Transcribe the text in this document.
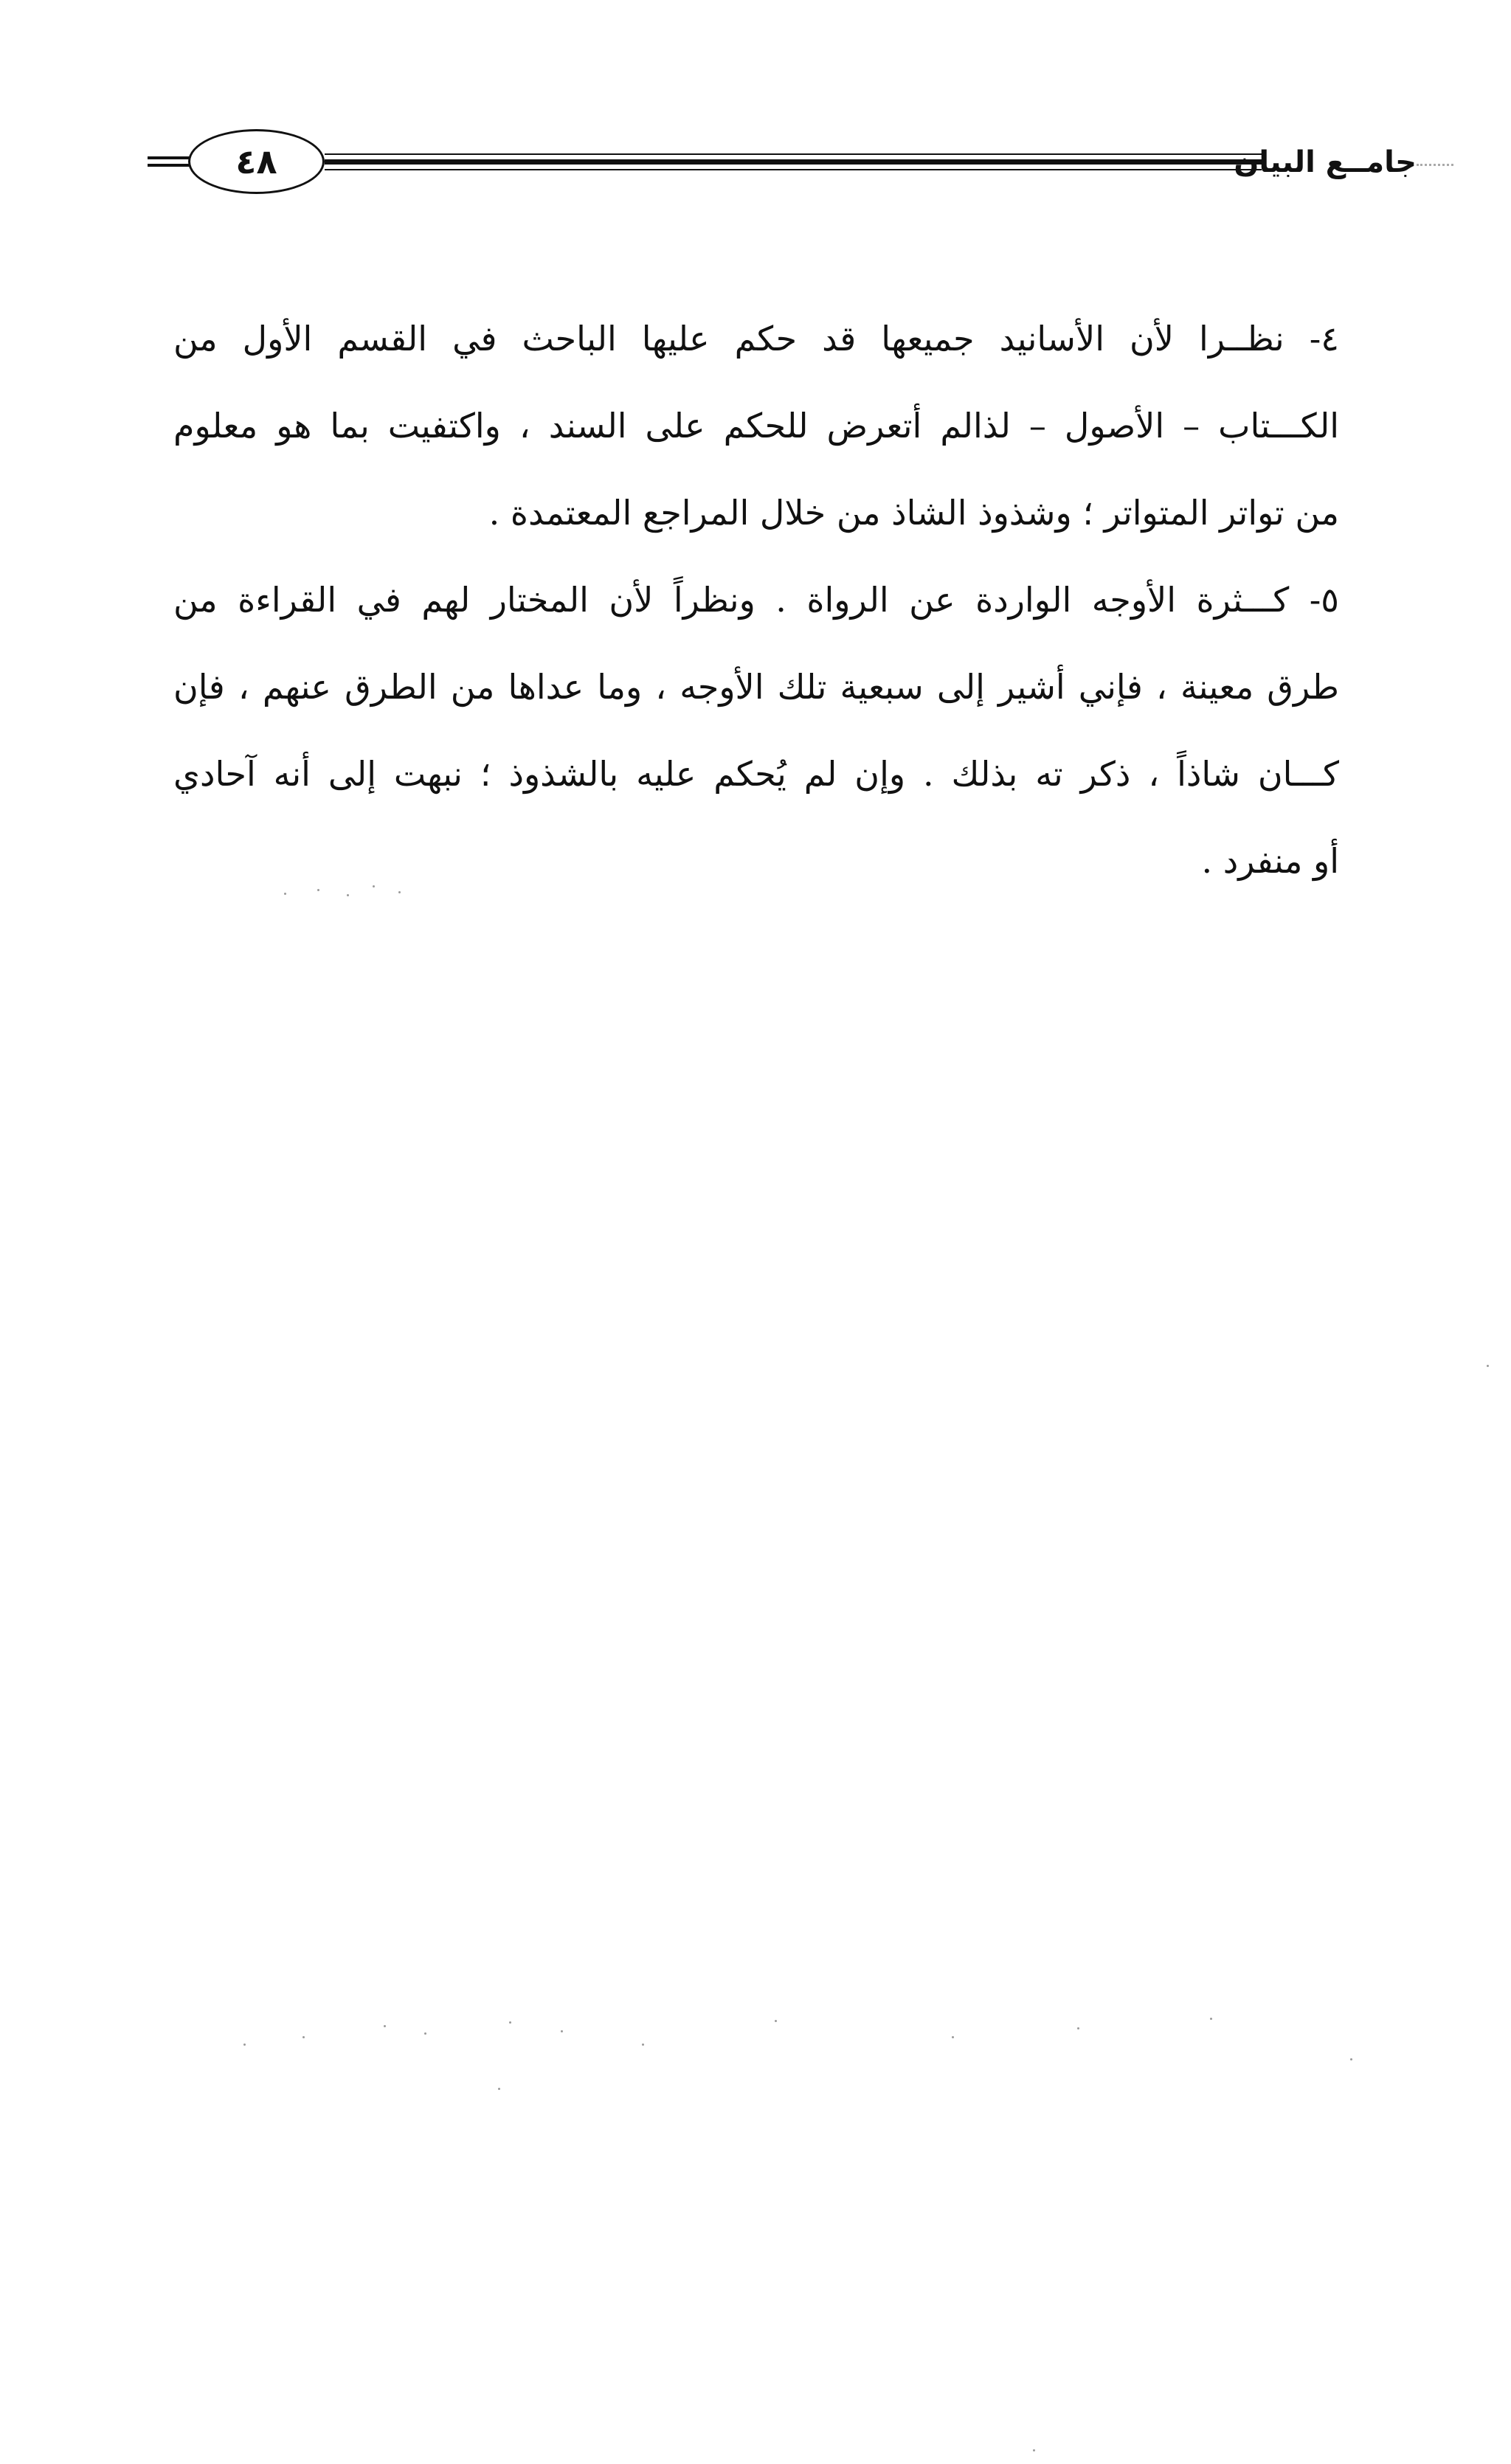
٤٨	جامــع البيان
٤- نظــرا لأن الأسانيد جميعها قد حكم عليها الباحث في القسم الأول من
الكـــتاب – الأصول – لذالم أتعرض للحكم على السند ، واكتفيت بما هو معلوم
من تواتر المتواتر ؛ وشذوذ الشاذ من خلال المراجع المعتمدة .
٥- كـــثرة الأوجه الواردة عن الرواة . ونظراً لأن المختار لهم في القراءة من
طرق معينة ، فإني أشير إلى سبعية تلك الأوجه ، وما عداها من الطرق عنهم ، فإن
كـــان شاذاً ، ذكر ته بذلك . وإن لم يُحكم عليه بالشذوذ ؛ نبهت إلى أنه آحادي
أو منفرد .
